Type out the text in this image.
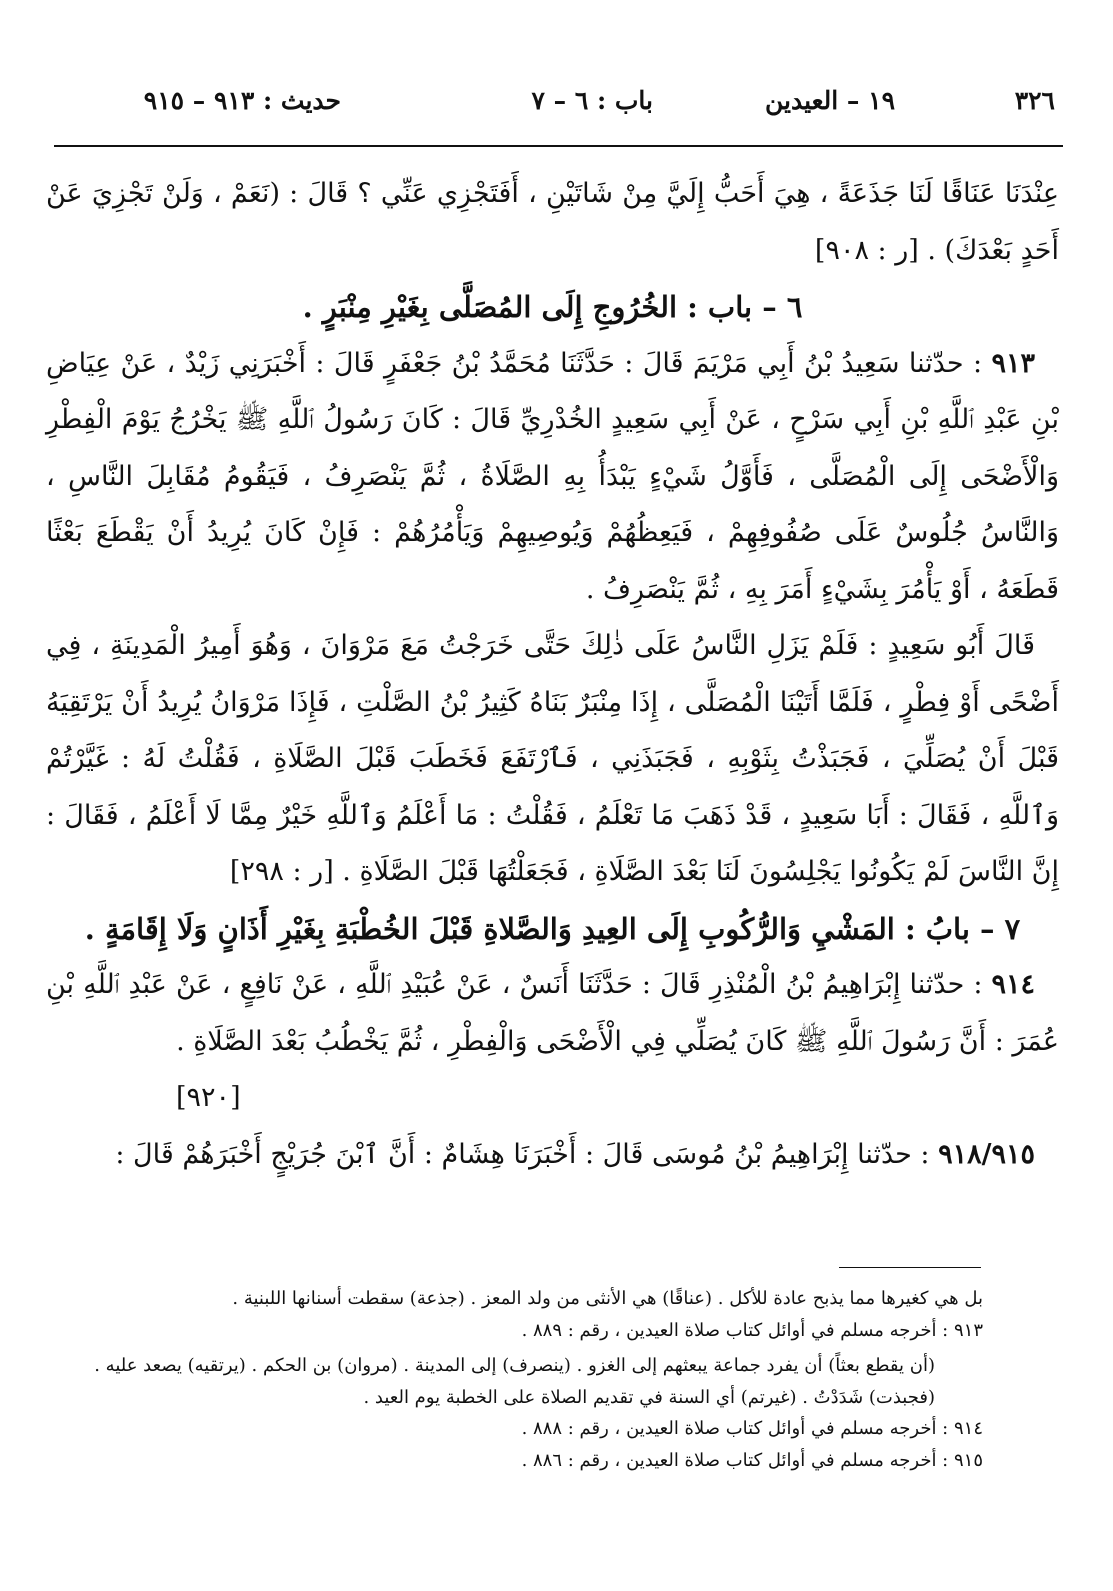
٣٢٦
١٩ – العيدين
باب : ٦ – ٧
حديث : ٩١٣ – ٩١٥

عِنْدَنَا عَنَاقًا لَنَا جَذَعَةً ، هِيَ أَحَبُّ إِلَيَّ مِنْ شَاتَيْنِ ، أَفَتَجْزِي عَنِّي ؟ قَالَ : (نَعَمْ ، وَلَنْ تَجْزِيَ عَنْ أَحَدٍ بَعْدَكَ) . [ر : ٩٠٨]

٦ – باب : الخُرُوجِ إِلَى المُصَلَّى بِغَيْرِ مِنْبَرٍ .

٩١٣ : حدّثنا سَعِيدُ بْنُ أَبِي مَرْيَمَ قَالَ : حَدَّثَنَا مُحَمَّدُ بْنُ جَعْفَرٍ قَالَ : أَخْبَرَنِي زَيْدٌ ، عَنْ عِيَاضِ بْنِ عَبْدِ ٱللَّهِ بْنِ أَبِي سَرْحٍ ، عَنْ أَبِي سَعِيدٍ الخُدْرِيِّ قَالَ : كَانَ رَسُولُ ٱللَّهِ ﷺ يَخْرُجُ يَوْمَ الْفِطْرِ وَالْأَضْحَى إِلَى الْمُصَلَّى ، فَأَوَّلُ شَيْءٍ يَبْدَأُ بِهِ الصَّلَاةُ ، ثُمَّ يَنْصَرِفُ ، فَيَقُومُ مُقَابِلَ النَّاسِ ، وَالنَّاسُ جُلُوسٌ عَلَى صُفُوفِهِمْ ، فَيَعِظُهُمْ وَيُوصِيهِمْ وَيَأْمُرُهُمْ : فَإِنْ كَانَ يُرِيدُ أَنْ يَقْطَعَ بَعْثًا قَطَعَهُ ، أَوْ يَأْمُرَ بِشَيْءٍ أَمَرَ بِهِ ، ثُمَّ يَنْصَرِفُ .

قَالَ أَبُو سَعِيدٍ : فَلَمْ يَزَلِ النَّاسُ عَلَى ذٰلِكَ حَتَّى خَرَجْتُ مَعَ مَرْوَانَ ، وَهُوَ أَمِيرُ الْمَدِينَةِ ، فِي أَضْحًى أَوْ فِطْرٍ ، فَلَمَّا أَتَيْنَا الْمُصَلَّى ، إِذَا مِنْبَرٌ بَنَاهُ كَثِيرُ بْنُ الصَّلْتِ ، فَإِذَا مَرْوَانُ يُرِيدُ أَنْ يَرْتَقِيَهُ قَبْلَ أَنْ يُصَلِّيَ ، فَجَبَذْتُ بِثَوْبِهِ ، فَجَبَذَنِي ، فَٱرْتَفَعَ فَخَطَبَ قَبْلَ الصَّلَاةِ ، فَقُلْتُ لَهُ : غَيَّرْتُمْ وَٱللَّهِ ، فَقَالَ : أَبَا سَعِيدٍ ، قَدْ ذَهَبَ مَا تَعْلَمُ ، فَقُلْتُ : مَا أَعْلَمُ وَٱللَّهِ خَيْرٌ مِمَّا لَا أَعْلَمُ ، فَقَالَ : إِنَّ النَّاسَ لَمْ يَكُونُوا يَجْلِسُونَ لَنَا بَعْدَ الصَّلَاةِ ، فَجَعَلْتُهَا قَبْلَ الصَّلَاةِ . [ر : ٢٩٨]

٧ – بابُ : المَشْيِ وَالرُّكُوبِ إِلَى العِيدِ وَالصَّلاةِ قَبْلَ الخُطْبَةِ بِغَيْرِ أَذَانٍ وَلَا إِقَامَةٍ .

٩١٤ : حدّثنا إِبْرَاهِيمُ بْنُ الْمُنْذِرِ قَالَ : حَدَّثَنَا أَنَسٌ ، عَنْ عُبَيْدِ ٱللَّهِ ، عَنْ نَافِعٍ ، عَنْ عَبْدِ ٱللَّهِ بْنِ عُمَرَ : أَنَّ رَسُولَ ٱللَّهِ ﷺ كَانَ يُصَلِّي فِي الْأَضْحَى وَالْفِطْرِ ، ثُمَّ يَخْطُبُ بَعْدَ الصَّلَاةِ .

[٩٢٠]

٩١٨/٩١٥ : حدّثنا إِبْرَاهِيمُ بْنُ مُوسَى قَالَ : أَخْبَرَنَا هِشَامٌ : أَنَّ ٱبْنَ جُرَيْجٍ أَخْبَرَهُمْ قَالَ :

بل هي كغيرها مما يذبح عادة للأكل . (عناقًا) هي الأنثى من ولد المعز . (جذعة) سقطت أسنانها اللبنية .

٩١٣ : أخرجه مسلم في أوائل كتاب صلاة العيدين ، رقم : ٨٨٩ .

(أن يقطع بعثاً) أن يفرد جماعة يبعثهم إلى الغزو . (ينصرف) إلى المدينة . (مروان) بن الحكم . (يرتقيه) يصعد عليه . (فجبذت) شَدَدْتُ . (غيرتم) أي السنة في تقديم الصلاة على الخطبة يوم العيد .

٩١٤ : أخرجه مسلم في أوائل كتاب صلاة العيدين ، رقم : ٨٨٨ .

٩١٥ : أخرجه مسلم في أوائل كتاب صلاة العيدين ، رقم : ٨٨٦ .
